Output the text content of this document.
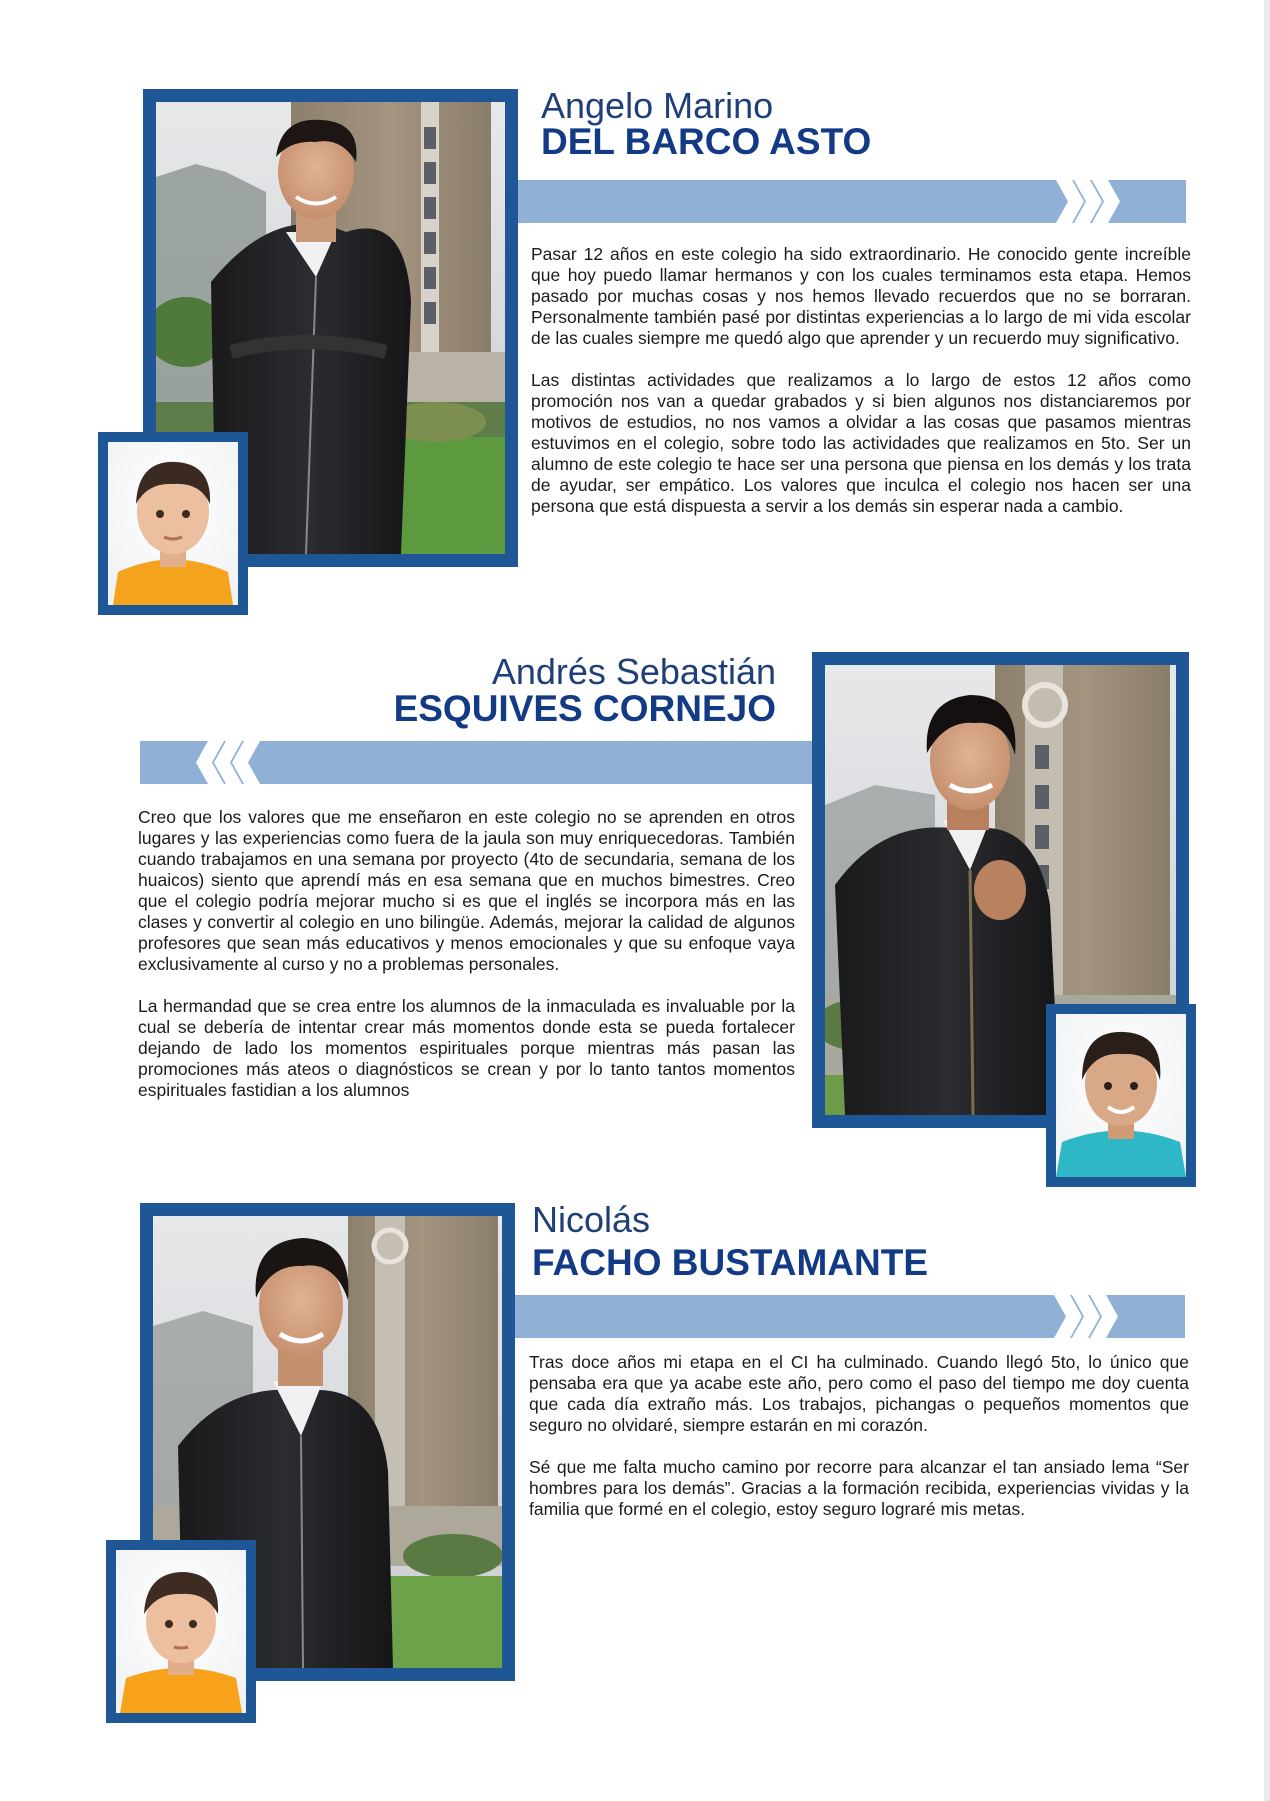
Angelo Marino
DEL BARCO ASTO

Pasar 12 años en este colegio ha sido extraordinario. He conocido gente increíble que hoy puedo llamar hermanos y con los cuales terminamos esta etapa. Hemos pasado por muchas cosas y nos hemos llevado recuerdos que no se borraran. Personalmente también pasé por distintas experiencias a lo largo de mi vida escolar de las cuales siempre me quedó algo que aprender y un recuerdo muy significativo.

Las distintas actividades que realizamos a lo largo de estos 12 años como promoción nos van a quedar grabados y si bien algunos nos distanciaremos por motivos de estudios, no nos vamos a olvidar a las cosas que pasamos mientras estuvimos en el colegio, sobre todo las actividades que realizamos en 5to. Ser un alumno de este colegio te hace ser una persona que piensa en los demás y los trata de ayudar, ser empático. Los valores que inculca el colegio nos hacen ser una persona que está dispuesta a servir a los demás sin esperar nada a cambio.

Andrés Sebastián
ESQUIVES CORNEJO

Creo que los valores que me enseñaron en este colegio no se aprenden en otros lugares y las experiencias como fuera de la jaula son muy enriquecedoras. También cuando trabajamos en una semana por proyecto (4to de secundaria, semana de los huaicos) siento que aprendí más en esa semana que en muchos bimestres. Creo que el colegio podría mejorar mucho si es que el inglés se incorpora más en las clases y convertir al colegio en uno bilingüe. Además, mejorar la calidad de algunos profesores que sean más educativos y menos emocionales y que su enfoque vaya exclusivamente al curso y no a problemas personales.

La hermandad que se crea entre los alumnos de la inmaculada es invaluable por la cual se debería de intentar crear más momentos donde esta se pueda fortalecer dejando de lado los momentos espirituales porque mientras más pasan las promociones más ateos o diagnósticos se crean y por lo tanto tantos momentos espirituales fastidian a los alumnos

Nicolás
FACHO BUSTAMANTE

Tras doce años mi etapa en el CI ha culminado. Cuando llegó 5to, lo único que pensaba era que ya acabe este año, pero como el paso del tiempo me doy cuenta que cada día extraño más. Los trabajos, pichangas o pequeños momentos que seguro no olvidaré, siempre estarán en mi corazón.

Sé que me falta mucho camino por recorre para alcanzar el tan ansiado lema “Ser hombres para los demás”. Gracias a la formación recibida, experiencias vividas y la familia que formé en el colegio, estoy seguro lograré mis metas.
